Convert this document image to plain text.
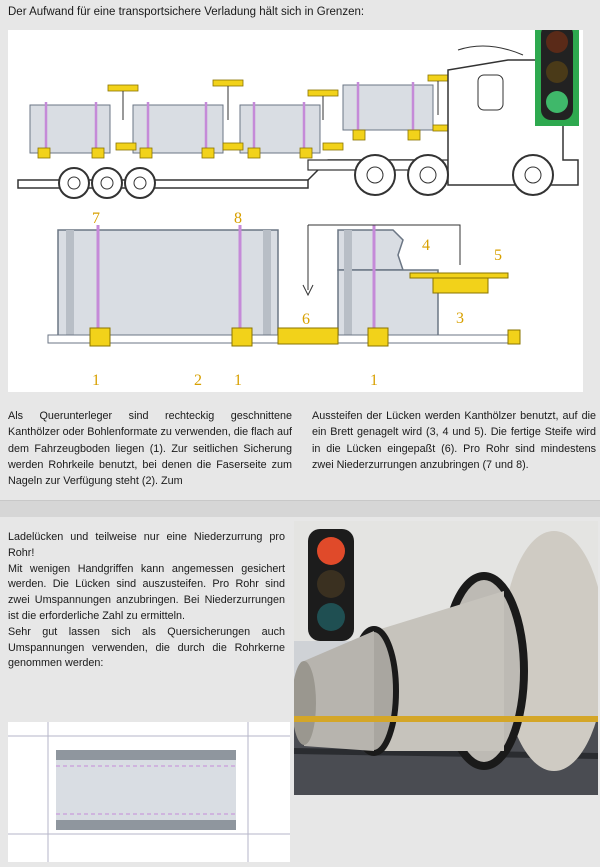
Der Aufwand für eine transportsichere Verladung hält sich in Grenzen:
7	8
4
5
3
6
1	2 1	1
Als Querunterleger sind rechteckig geschnittene Kanthölzer oder Bohlenformate zu verwenden, die flach auf dem Fahrzeugboden liegen (1). Zur seitlichen Sicherung werden Rohrkeile benutzt, bei denen die Faserseite zum Nageln zur Verfügung steht (2). Zum
Aussteifen der Lücken werden Kanthölzer benutzt, auf die ein Brett genagelt wird (3, 4 und 5). Die fertige Steife wird in die Lücken eingepaßt (6). Pro Rohr sind mindestens zwei Niederzurrungen anzubringen (7 und 8).

Ladelücken und teilweise nur eine Niederzurrung pro Rohr!

Mit wenigen Handgriffen kann angemessen gesichert werden. Die Lücken sind auszusteifen. Pro Rohr sind zwei Umspannungen anzubringen. Bei Niederzurrungen ist die erforderliche Zahl zu ermitteln.

Sehr gut lassen sich als Quersicherungen auch Umspannungen verwenden, die durch die Rohrkerne genommen werden:
